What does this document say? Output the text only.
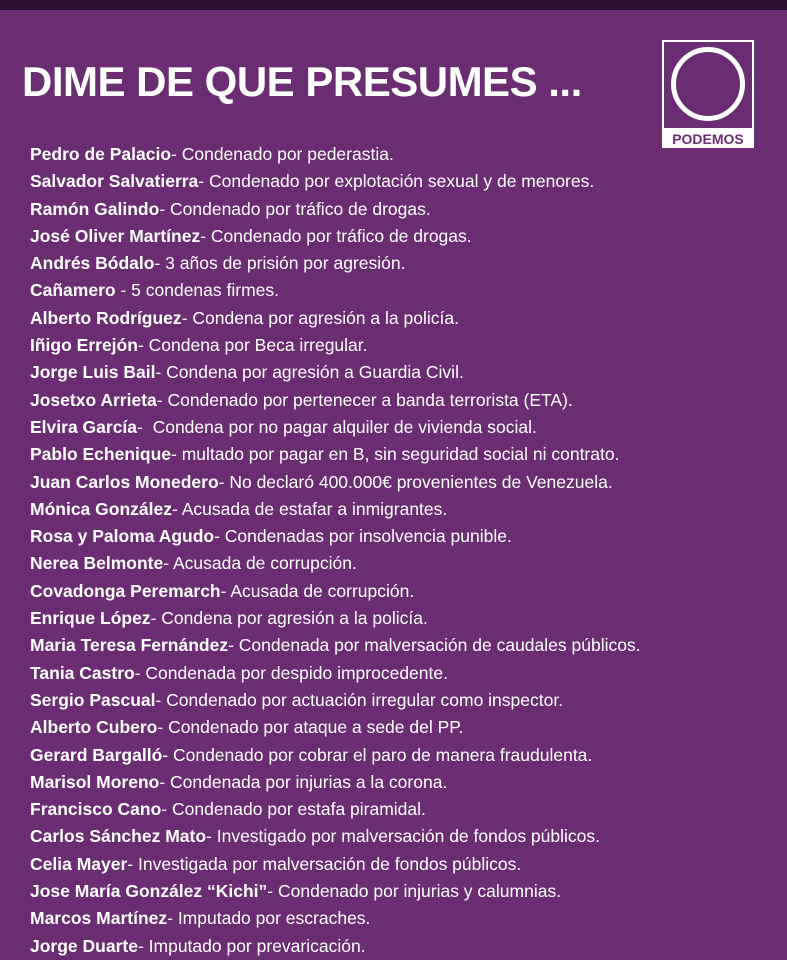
DIME DE QUE PRESUMES ...
PODEMOS
Pedro de Palacio- Condenado por pederastia.
Salvador Salvatierra- Condenado por explotación sexual y de menores.
Ramón Galindo- Condenado por tráfico de drogas.
José Oliver Martínez- Condenado por tráfico de drogas.
Andrés Bódalo- 3 años de prisión por agresión.
Cañamero - 5 condenas firmes.
Alberto Rodríguez- Condena por agresión a la policía.
Iñigo Errejón- Condena por Beca irregular.
Jorge Luis Bail- Condena por agresión a Guardia Civil.
Josetxo Arrieta- Condenado por pertenecer a banda terrorista (ETA).
Elvira García-  Condena por no pagar alquiler de vivienda social.
Pablo Echenique- multado por pagar en B, sin seguridad social ni contrato.
Juan Carlos Monedero- No declaró 400.000€ provenientes de Venezuela.
Mónica González- Acusada de estafar a inmigrantes.
Rosa y Paloma Agudo- Condenadas por insolvencia punible.
Nerea Belmonte- Acusada de corrupción.
Covadonga Peremarch- Acusada de corrupción.
Enrique López- Condena por agresión a la policía.
Maria Teresa Fernández- Condenada por malversación de caudales públicos.
Tania Castro- Condenada por despido improcedente.
Sergio Pascual- Condenado por actuación irregular como inspector.
Alberto Cubero- Condenado por ataque a sede del PP.
Gerard Bargalló- Condenado por cobrar el paro de manera fraudulenta.
Marisol Moreno- Condenada por injurias a la corona.
Francisco Cano- Condenado por estafa piramidal.
Carlos Sánchez Mato- Investigado por malversación de fondos públicos.
Celia Mayer- Investigada por malversación de fondos públicos.
Jose María González “Kichi”- Condenado por injurias y calumnias.
Marcos Martínez- Imputado por escraches.
Jorge Duarte- Imputado por prevaricación.
